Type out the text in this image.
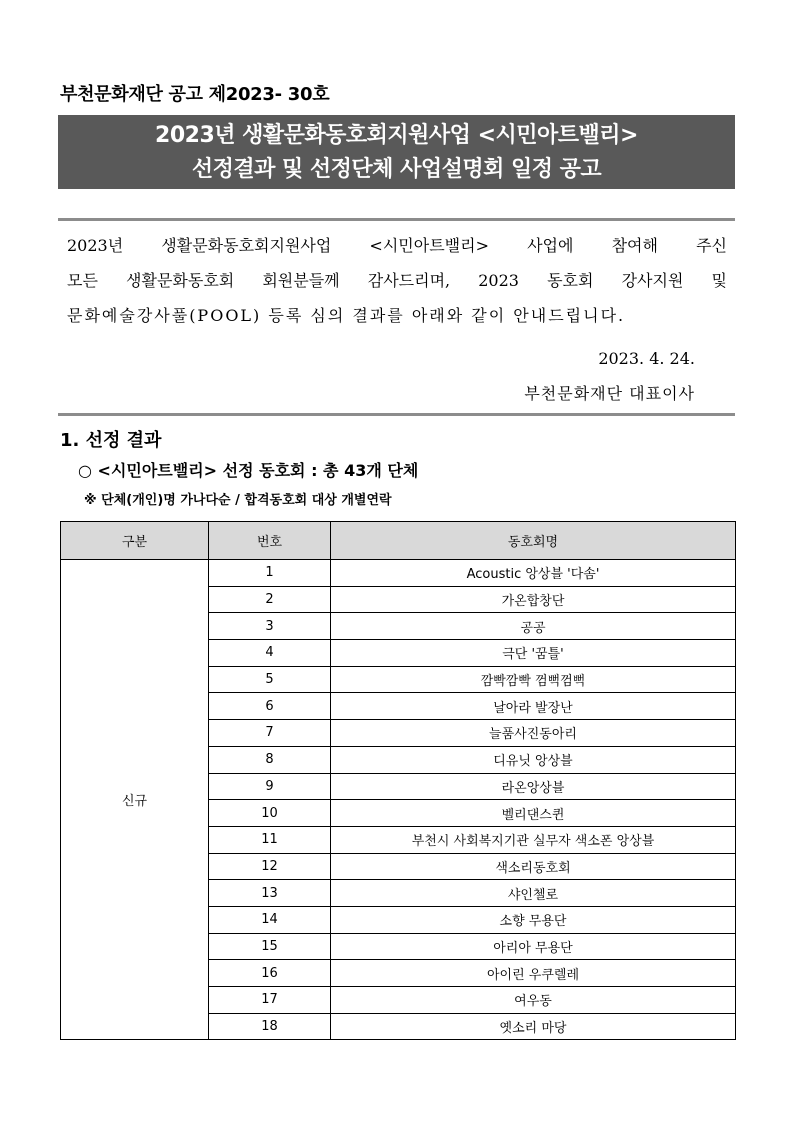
부천문화재단 공고 제2023- 30호
2023년 생활문화동호회지원사업 <시민아트밸리>
선정결과 및 선정단체 사업설명회 일정 공고
2023년 생활문화동호회지원사업 <시민아트밸리> 사업에 참여해 주신
모든 생활문화동호회 회원분들께 감사드리며, 2023 동호회 강사지원 및
문화예술강사풀(POOL) 등록 심의 결과를 아래와 같이 안내드립니다.
2023. 4. 24.
부천문화재단 대표이사
1. 선정 결과
○ <시민아트밸리> 선정 동호회 : 총 43개 단체
※ 단체(개인)명 가나다순 / 합격동호회 대상 개별연락
구분	번호	동호회명
신규	1	Acoustic 앙상블 '다솜'
	2	가온합창단
	3	공공
	4	극단 '꿈틀'
	5	깜빡깜빡 껌뻑껌뻑
	6	날아라 발장난
	7	늘품사진동아리
	8	디유닛 앙상블
	9	라온앙상블
	10	벨리댄스퀸
	11	부천시 사회복지기관 실무자 색소폰 앙상블
	12	색소리동호회
	13	샤인첼로
	14	소향 무용단
	15	아리아 무용단
	16	아이린 우쿠렐레
	17	여우동
	18	옛소리 마당
